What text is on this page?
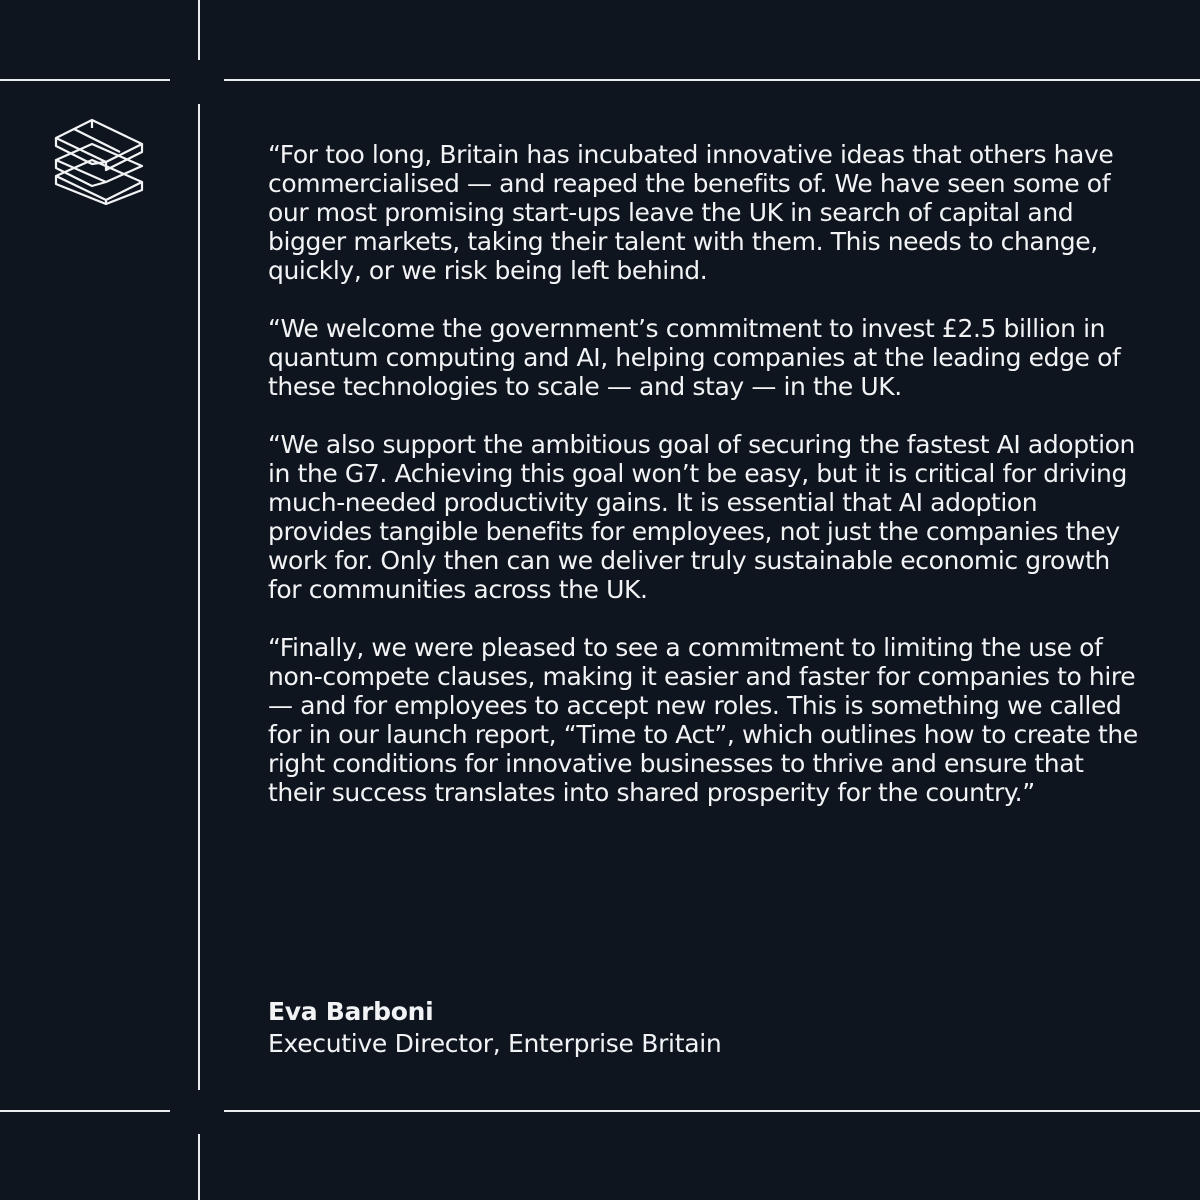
“For too long, Britain has incubated innovative ideas that others have commercialised — and reaped the benefits of. We have seen some of our most promising start-ups leave the UK in search of capital and bigger markets, taking their talent with them. This needs to change, quickly, or we risk being left behind.

“We welcome the government’s commitment to invest £2.5 billion in quantum computing and AI, helping companies at the leading edge of these technologies to scale — and stay — in the UK.

“We also support the ambitious goal of securing the fastest AI adoption in the G7. Achieving this goal won’t be easy, but it is critical for driving much-needed productivity gains. It is essential that AI adoption provides tangible benefits for employees, not just the companies they work for. Only then can we deliver truly sustainable economic growth for communities across the UK.

“Finally, we were pleased to see a commitment to limiting the use of non-compete clauses, making it easier and faster for companies to hire — and for employees to accept new roles. This is something we called for in our launch report, “Time to Act”, which outlines how to create the right conditions for innovative businesses to thrive and ensure that their success translates into shared prosperity for the country.”

Eva Barboni
Executive Director, Enterprise Britain
